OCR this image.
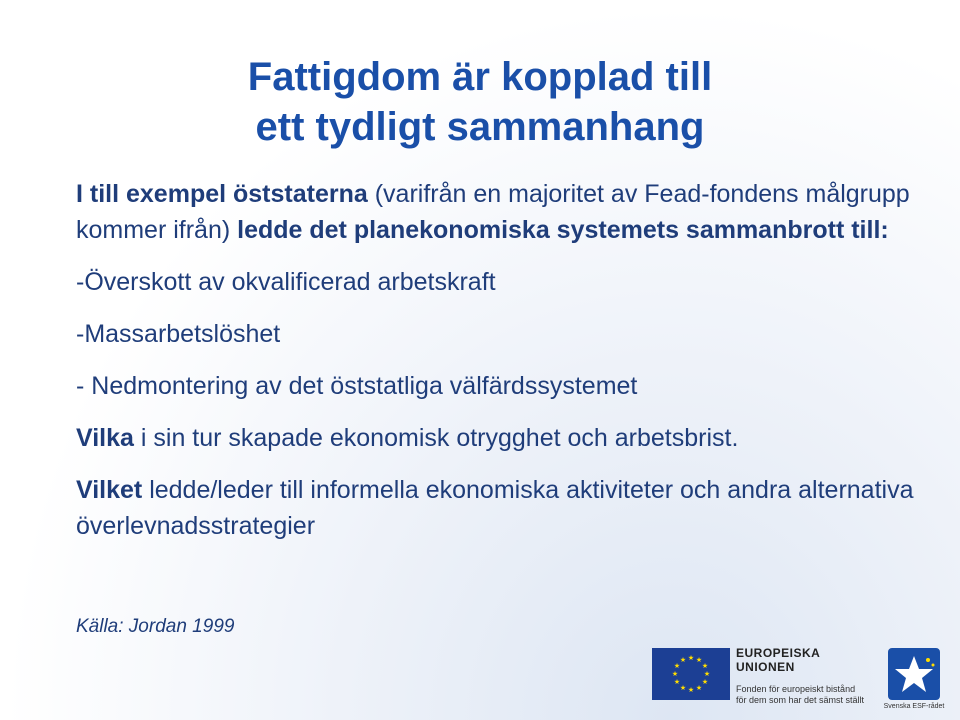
Fattigdom är kopplad till
ett tydligt sammanhang

I till exempel öststaterna (varifrån en majoritet av Fead-fondens målgrupp kommer ifrån) ledde det planekonomiska systemets sammanbrott till:

-Överskott av okvalificerad arbetskraft

-Massarbetslöshet

- Nedmontering av det öststatliga välfärdssystemet

Vilka i sin tur skapade ekonomisk otrygghet och arbetsbrist.

Vilket ledde/leder till informella ekonomiska aktiviteter och andra alternativa överlevnadsstrategier

Källa: Jordan 1999
★ ★
★
★
★
★
★
★
★
★
★
★	EUROPEISKA UNIONEN
Fonden för europeiskt bistånd
för dem som har det sämst ställt
Svenska ESF-rådet
